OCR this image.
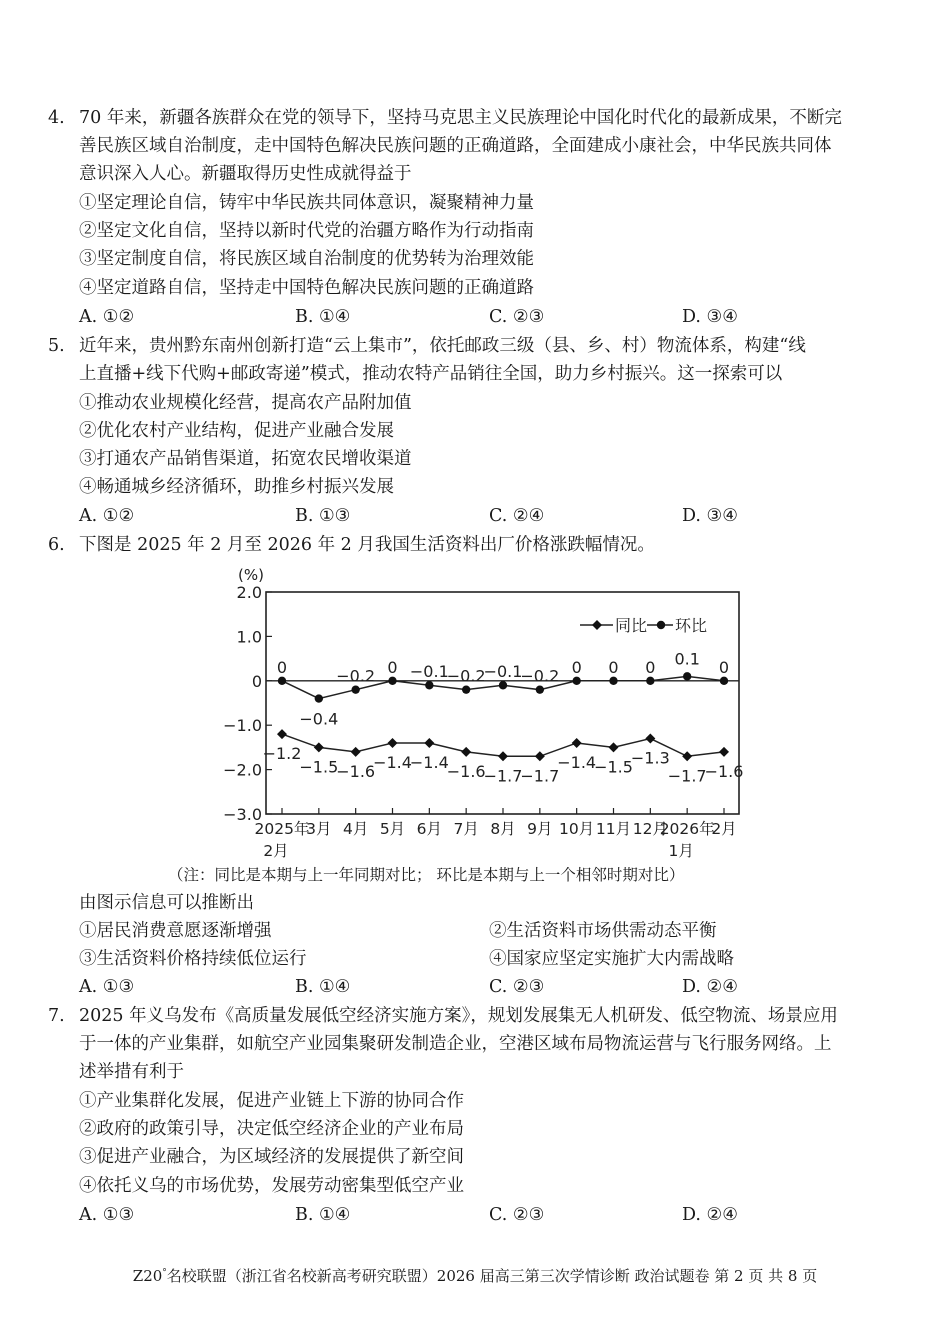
4. 70 年来，新疆各族群众在党的领导下，坚持马克思主义民族理论中国化时代化的最新成果，不断完
善民族区域自治制度，走中国特色解决民族问题的正确道路，全面建成小康社会，中华民族共同体
意识深入人心。新疆取得历史性成就得益于
①坚定理论自信，铸牢中华民族共同体意识，凝聚精神力量
②坚定文化自信，坚持以新时代党的治疆方略作为行动指南
③坚定制度自信，将民族区域自治制度的优势转为治理效能
④坚定道路自信，坚持走中国特色解决民族问题的正确道路
A. ①②	B. ①④	C. ②③	D. ③④
5. 近年来，贵州黔东南州创新打造“云上集市”，依托邮政三级（县、乡、村）物流体系，构建“线
上直播+线下代购+邮政寄递”模式，推动农特产品销往全国，助力乡村振兴。这一探索可以
①推动农业规模化经营，提高农产品附加值
②优化农村产业结构，促进产业融合发展
③打通农产品销售渠道，拓宽农民增收渠道
④畅通城乡经济循环，助推乡村振兴发展
A. ①②	B. ①③	C. ②④	D. ③④
6. 下图是 2025 年 2 月至 2026 年 2 月我国生活资料出厂价格涨跌幅情况。
(%)
2.0
1.0
0
−1.0
−2.0
−3.0
2025年
2月
3月 4月 5月 6月 7月 8月 9月 10月 11月 12月
2026年
1月
2月
−1.2
−1.5
−1.6
−1.4
−1.4
−1.6
−1.7
−1.7
−1.4
−1.5
−1.3
−1.7
−1.6
0
−0.4
−0.2 0 −0.1
−0.2
−0.1
−0.2 0 0 0 0.1 0
同比 环比
（注：同比是本期与上一年同期对比； 环比是本期与上一个相邻时期对比）
由图示信息可以推断出
①居民消费意愿逐渐增强	②生活资料市场供需动态平衡
③生活资料价格持续低位运行	④国家应坚定实施扩大内需战略
A. ①③	B. ①④	C. ②③	D. ②④
7. 2025 年义乌发布《高质量发展低空经济实施方案》，规划发展集无人机研发、低空物流、场景应用
于一体的产业集群，如航空产业园集聚研发制造企业，空港区域布局物流运营与飞行服务网络。上
述举措有利于
①产业集群化发展，促进产业链上下游的协同合作
②政府的政策引导，决定低空经济企业的产业布局
③促进产业融合，为区域经济的发展提供了新空间
④依托义乌的市场优势，发展劳动密集型低空产业
A. ①③	B. ①④	C. ②③	D. ②④
Z20°名校联盟（浙江省名校新高考研究联盟）2026 届高三第三次学情诊断 政治试题卷 第 2 页 共 8 页
